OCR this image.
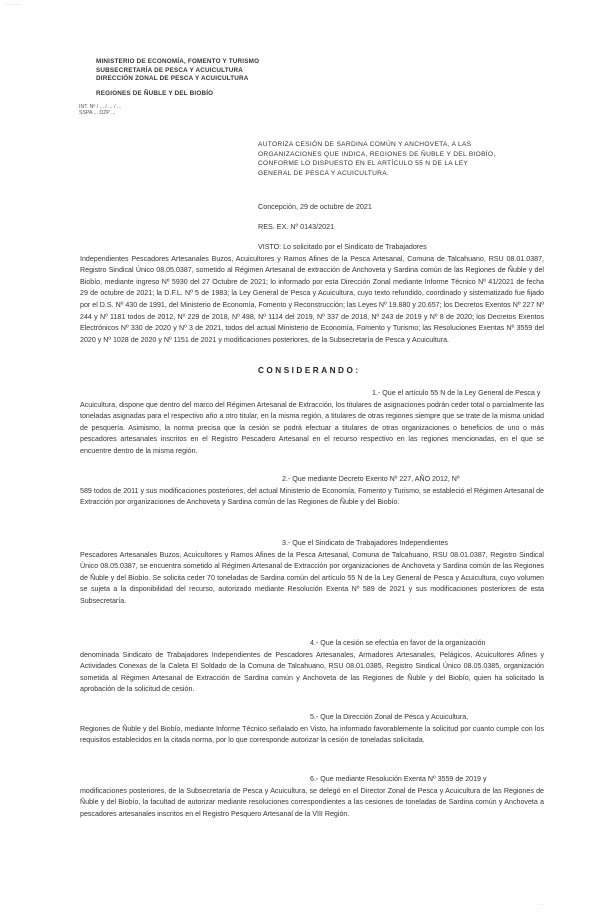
·· ··· ·· ··
MINISTERIO DE ECONOMÍA, FOMENTO Y TURISMO
SUBSECRETARÍA DE PESCA Y ACUICULTURA
DIRECCIÓN ZONAL DE PESCA Y ACUICULTURA
REGIONES DE ÑUBLE Y DEL BIOBÍO
INT. Nº / ... / ... / ...
SSPA ... DZP ...
AUTORIZA CESIÓN DE SARDINA COMÚN Y ANCHOVETA, A LAS
ORGANIZACIONES QUE INDICA, REGIONES DE ÑUBLE Y DEL BIOBÍO,
CONFORME LO DISPUESTO EN EL ARTÍCULO 55 N DE LA LEY
GENERAL DE PESCA Y ACUICULTURA.
Concepción, 29 de octubre de 2021
RES. EX. Nº 0143/2021
VISTO: Lo solicitado por el Sindicato de Trabajadores
Independientes Pescadores Artesanales Buzos, Acuicultores y Ramos Afines de la Pesca Artesanal, Comuna de Talcahuano, RSU 08.01.0387, Registro Sindical Único 08.05.0387, sometido al Régimen Artesanal de extracción de Anchoveta y Sardina común de las Regiones de Ñuble y del Biobío, mediante ingreso Nº 5930 del 27 Octubre de 2021; lo informado por esta Dirección Zonal mediante Informe Técnico Nº 41/2021 de fecha 29 de octubre de 2021; la D.F.L. Nº 5 de 1983; la Ley General de Pesca y Acuicultura, cuyo texto refundido, coordinado y sistematizado fue fijado por el D.S. Nº 430 de 1991, del Ministerio de Economía, Fomento y Reconstrucción; las Leyes Nº 19.880 y 20.657; los Decretos Exentos Nº 227 Nº 244 y Nº 1181 todos de 2012, Nº 229 de 2018, Nº 498, Nº 1114 del 2019, Nº 337 de 2018, Nº 243 de 2019 y Nº 8 de 2020; los Decretos Exentos Electrónicos Nº 330 de 2020 y Nº 3 de 2021, todos del actual Ministerio de Economía, Fomento y Turismo; las Resoluciones Exentas Nº 3559 del 2020 y Nº 1028 de 2020 y Nº 1151 de 2021 y modificaciones posteriores, de la Subsecretaría de Pesca y Acuicultura.
CONSIDERANDO:
1.- Que el artículo 55 N de la Ley General de Pesca y
Acuicultura, dispone que dentro del marco del Régimen Artesanal de Extracción, los titulares de asignaciones podrán ceder total o parcialmente las toneladas asignadas para el respectivo año a otro titular, en la misma región, a titulares de otras regiones siempre que se trate de la misma unidad de pesquería. Asimismo, la norma precisa que la cesión se podrá efectuar a titulares de otras organizaciones o beneficios de uno o más pescadores artesanales inscritos en el Registro Pescadero Artesanal en el recurso respectivo en las regiones mencionadas, en el que se encuentre dentro de la misma región.
2.- Que mediante Decreto Exento Nº 227, AÑO 2012, Nº
589 todos de 2011 y sus modificaciones posteriores, del actual Ministerio de Economía, Fomento y Turismo, se estableció el Régimen Artesanal de Extracción por organizaciones de Anchoveta y Sardina común de las Regiones de Ñuble y del Biobío.
3.- Que el Sindicato de Trabajadores Independientes
Pescadores Artesanales Buzos, Acuicultores y Ramos Afines de la Pesca Artesanal, Comuna de Talcahuano, RSU 08.01.0387, Registro Sindical Único 08.05.0387, se encuentra sometido al Régimen Artesanal de Extracción por organizaciones de Anchoveta y Sardina común de las Regiones de Ñuble y del Biobío. Se solicita ceder 70 toneladas de Sardina común del artículo 55 N de la Ley General de Pesca y Acuicultura, cuyo volumen se sujeta a la disponibilidad del recurso, autorizado mediante Resolución Exenta Nº 589 de 2021 y sus modificaciones posteriores de esta Subsecretaría.
4.- Que la cesión se efectúa en favor de la organización
denominada Sindicato de Trabajadores Independientes de Pescadores Artesanales, Armadores Artesanales, Pelágicos, Acuicultores Afines y Actividades Conexas de la Caleta El Soldado de la Comuna de Talcahuano, RSU 08.01.0385, Registro Sindical Único 08.05.0385, organización sometida al Régimen Artesanal de Extracción de Sardina común y Anchoveta de las Regiones de Ñuble y del Biobío, quien ha solicitado la aprobación de la solicitud de cesión.
5.- Que la Dirección Zonal de Pesca y Acuicultura,
Regiones de Ñuble y del Biobío, mediante Informe Técnico señalado en Visto, ha informado favorablemente la solicitud por cuanto cumple con los requisitos establecidos en la citada norma, por lo que corresponde autorizar la cesión de toneladas solicitada.
6.- Que mediante Resolución Exenta Nº 3559 de 2019 y
modificaciones posteriores, de la Subsecretaría de Pesca y Acuicultura, se delegó en el Director Zonal de Pesca y Acuicultura de las Regiones de Ñuble y del Biobío, la facultad de autorizar mediante resoluciones correspondientes a las cesiones de toneladas de Sardina común y Anchoveta a pescadores artesanales inscritos en el Registro Pesquero Artesanal de la VIII Región.
· ·· ·
